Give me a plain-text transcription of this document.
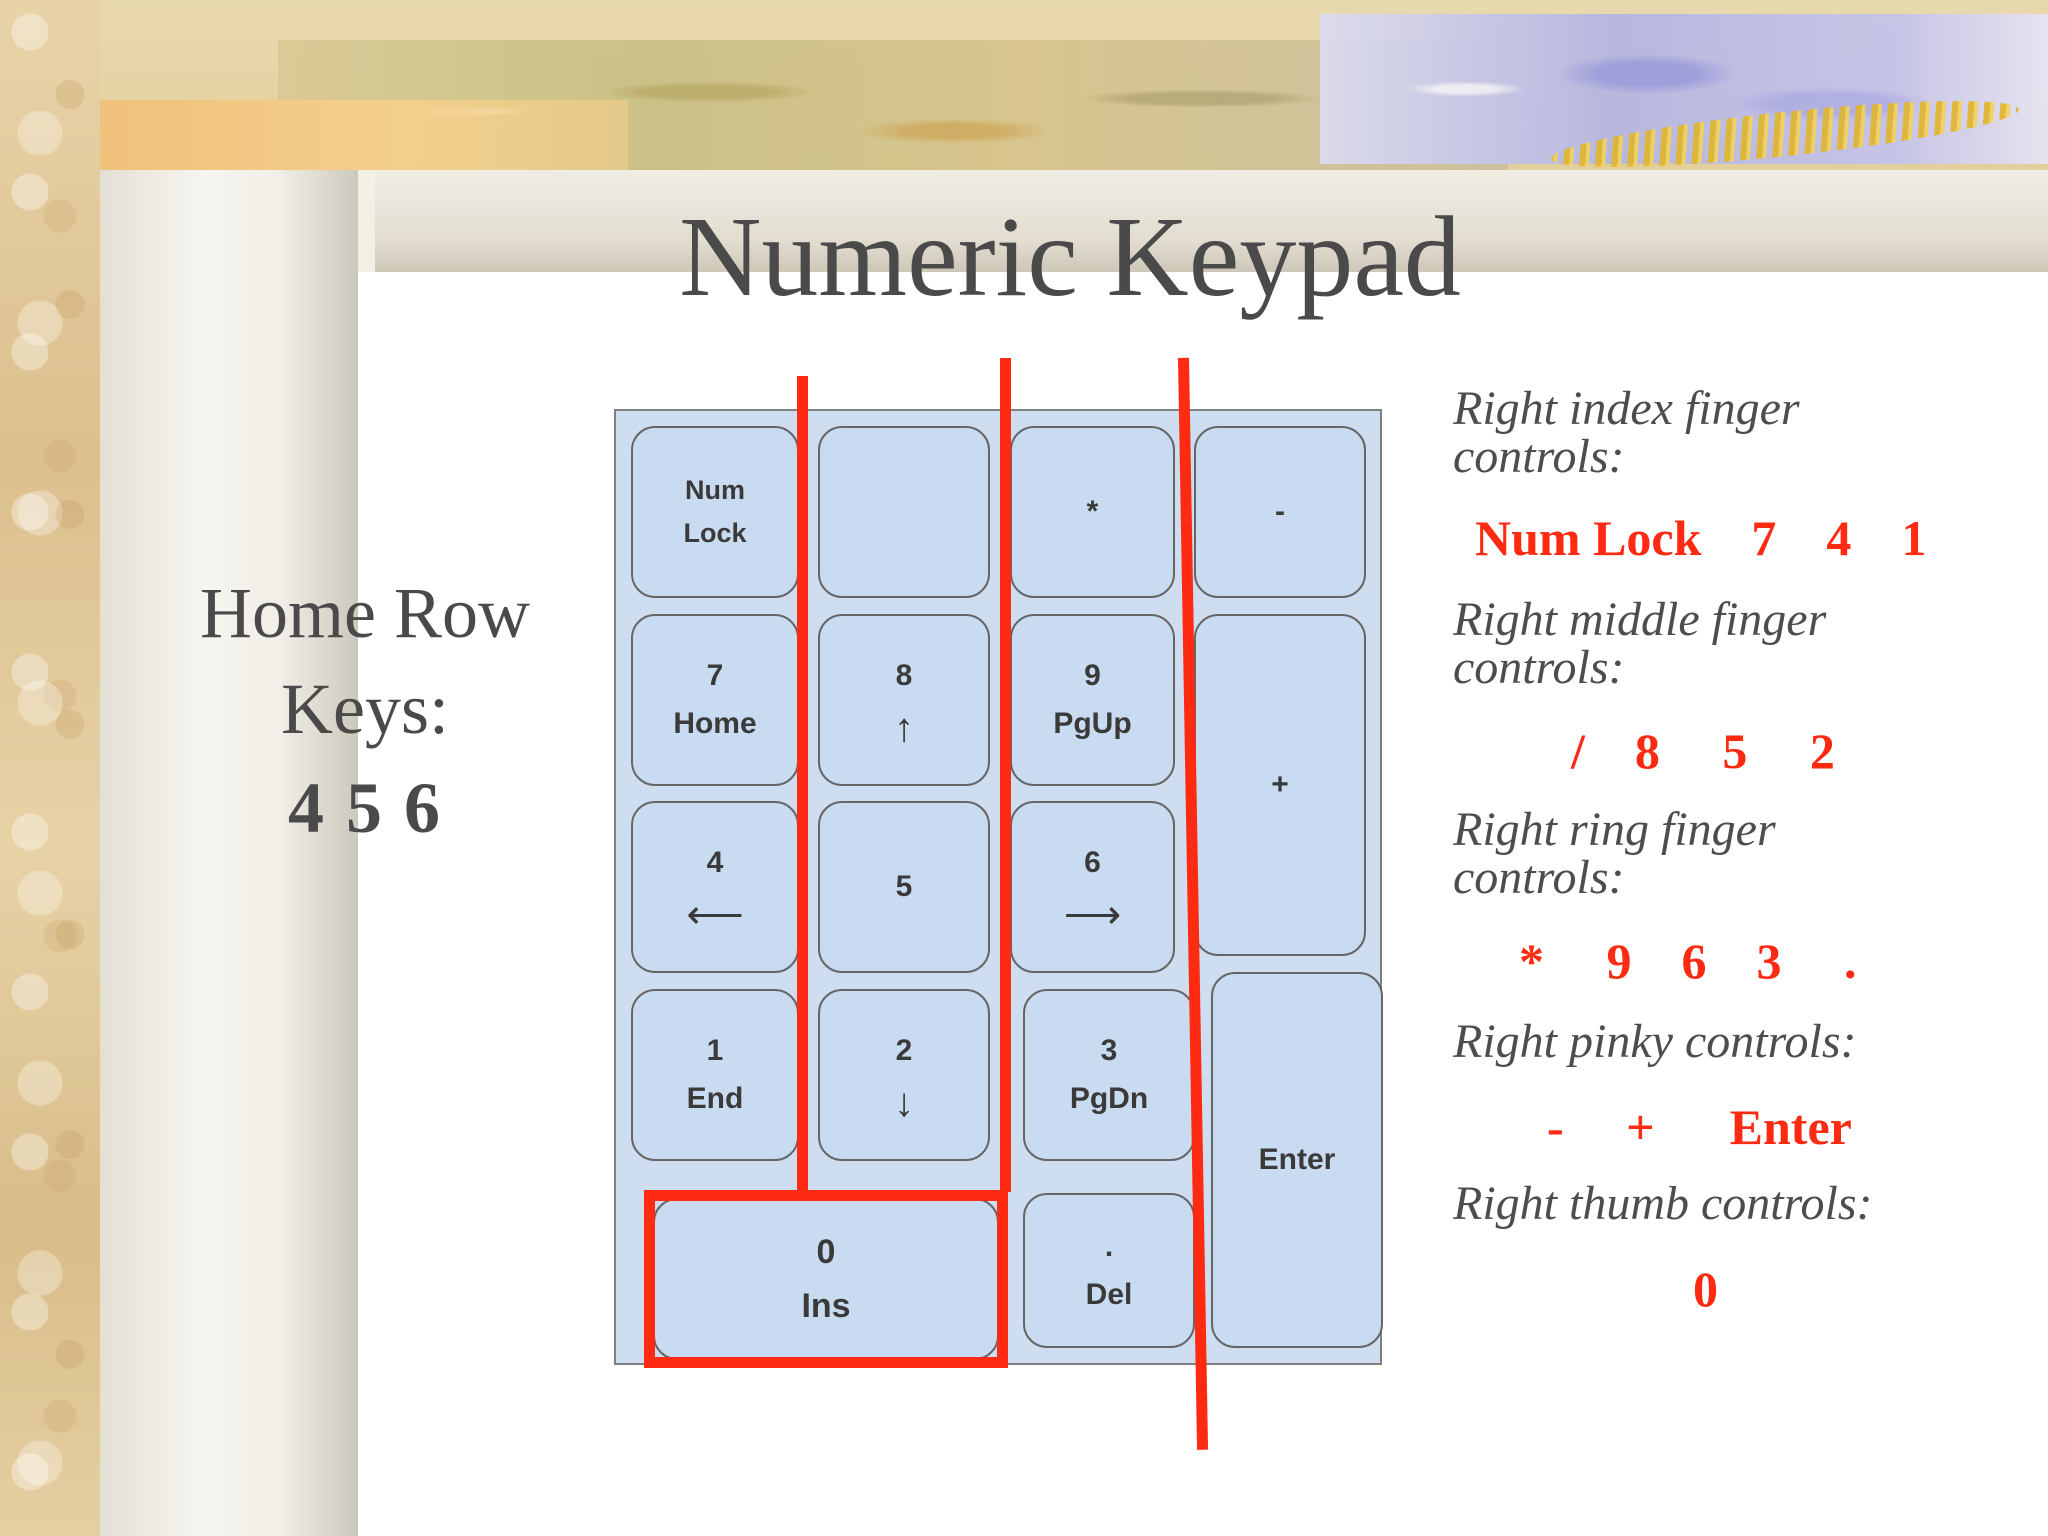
Numeric Keypad
Home Row
Keys:
4 5 6
Num
Lock
*	-
7
Home
8
↑
9
PgUp
+
4
⟵
5
6
⟶
1
End
2
↓
3
PgDn
Enter
0
Ins
.
Del
Right index finger
controls:
Num Lock    7    4    1
Right middle finger
controls:
/    8     5     2
Right ring finger
controls:
*     9    6    3     .
Right pinky controls:
-     +      Enter
Right thumb controls:
0
